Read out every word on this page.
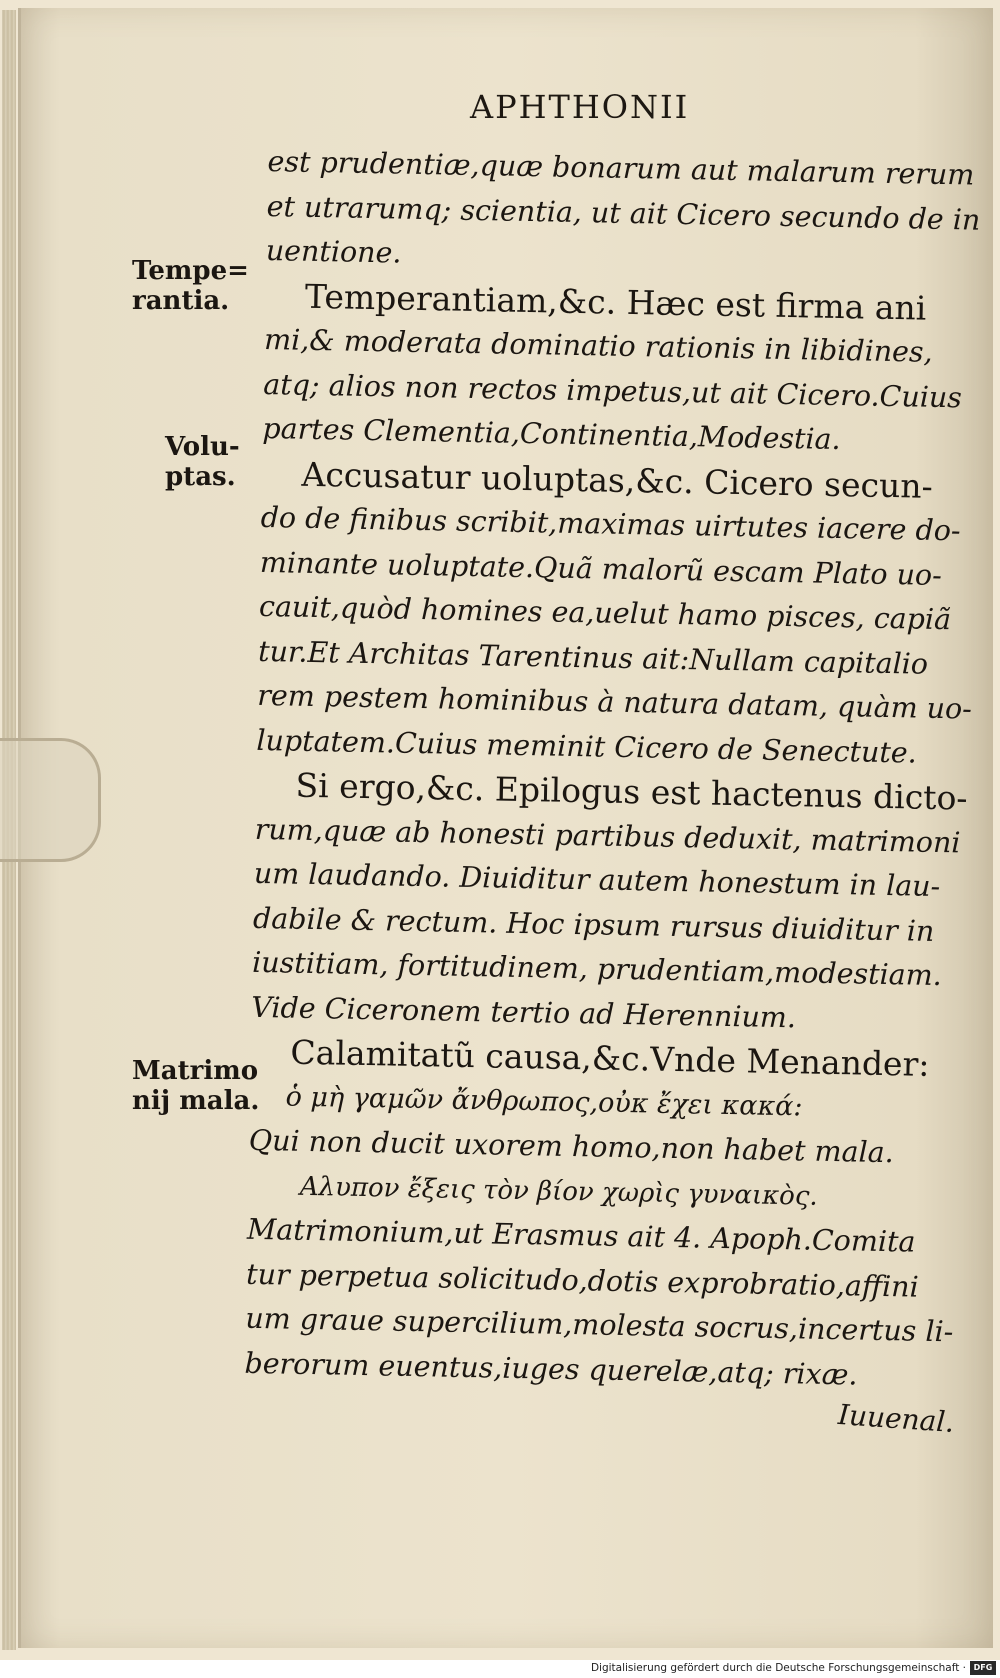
APHTHONII
Tempe=
rantia.
Volu-
ptas.
Matrimo
nij mala.
est prudentiæ,quæ bonarum aut malarum rerum
et utrarumq; scientia, ut ait Cicero secundo de in
uentione.
Temperantiam,&c. Hæc est firma ani
mi,& moderata dominatio rationis in libidines,
atq; alios non rectos impetus,ut ait Cicero.Cuius
partes Clementia,Continentia,Modestia.
Accusatur uoluptas,&c. Cicero secun-
do de finibus scribit,maximas uirtutes iacere do-
minante uoluptate.Quã malorũ escam Plato uo-
cauit,quòd homines ea,uelut hamo pisces, capiã
tur.Et Architas Tarentinus ait:Nullam capitalio
rem pestem hominibus à natura datam, quàm uo-
luptatem.Cuius meminit Cicero de Senectute.
Si ergo,&c. Epilogus est hactenus dicto-
rum,quæ ab honesti partibus deduxit, matrimoni
um laudando. Diuiditur autem honestum in lau-
dabile & rectum. Hoc ipsum rursus diuiditur in
iustitiam, fortitudinem, prudentiam,modestiam.
Vide Ciceronem tertio ad Herennium.
Calamitatũ causa,&c.Vnde Menander:
ὁ μὴ γαμῶν ἄνθρωπος,οὐκ ἔχει κακά:
Qui non ducit uxorem homo,non habet mala.
Αλυπον ἔξεις τὸν βίον χωρὶς γυναικὸς.
Matrimonium,ut Erasmus ait 4. Apoph.Comita
tur perpetua solicitudo,dotis exprobratio,affini
um graue supercilium,molesta socrus,incertus li-
berorum euentus,iuges querelæ,atq; rixæ.
Iuuenal.
Digitalisierung gefördert durch die Deutsche Forschungsgemeinschaft · DFG
